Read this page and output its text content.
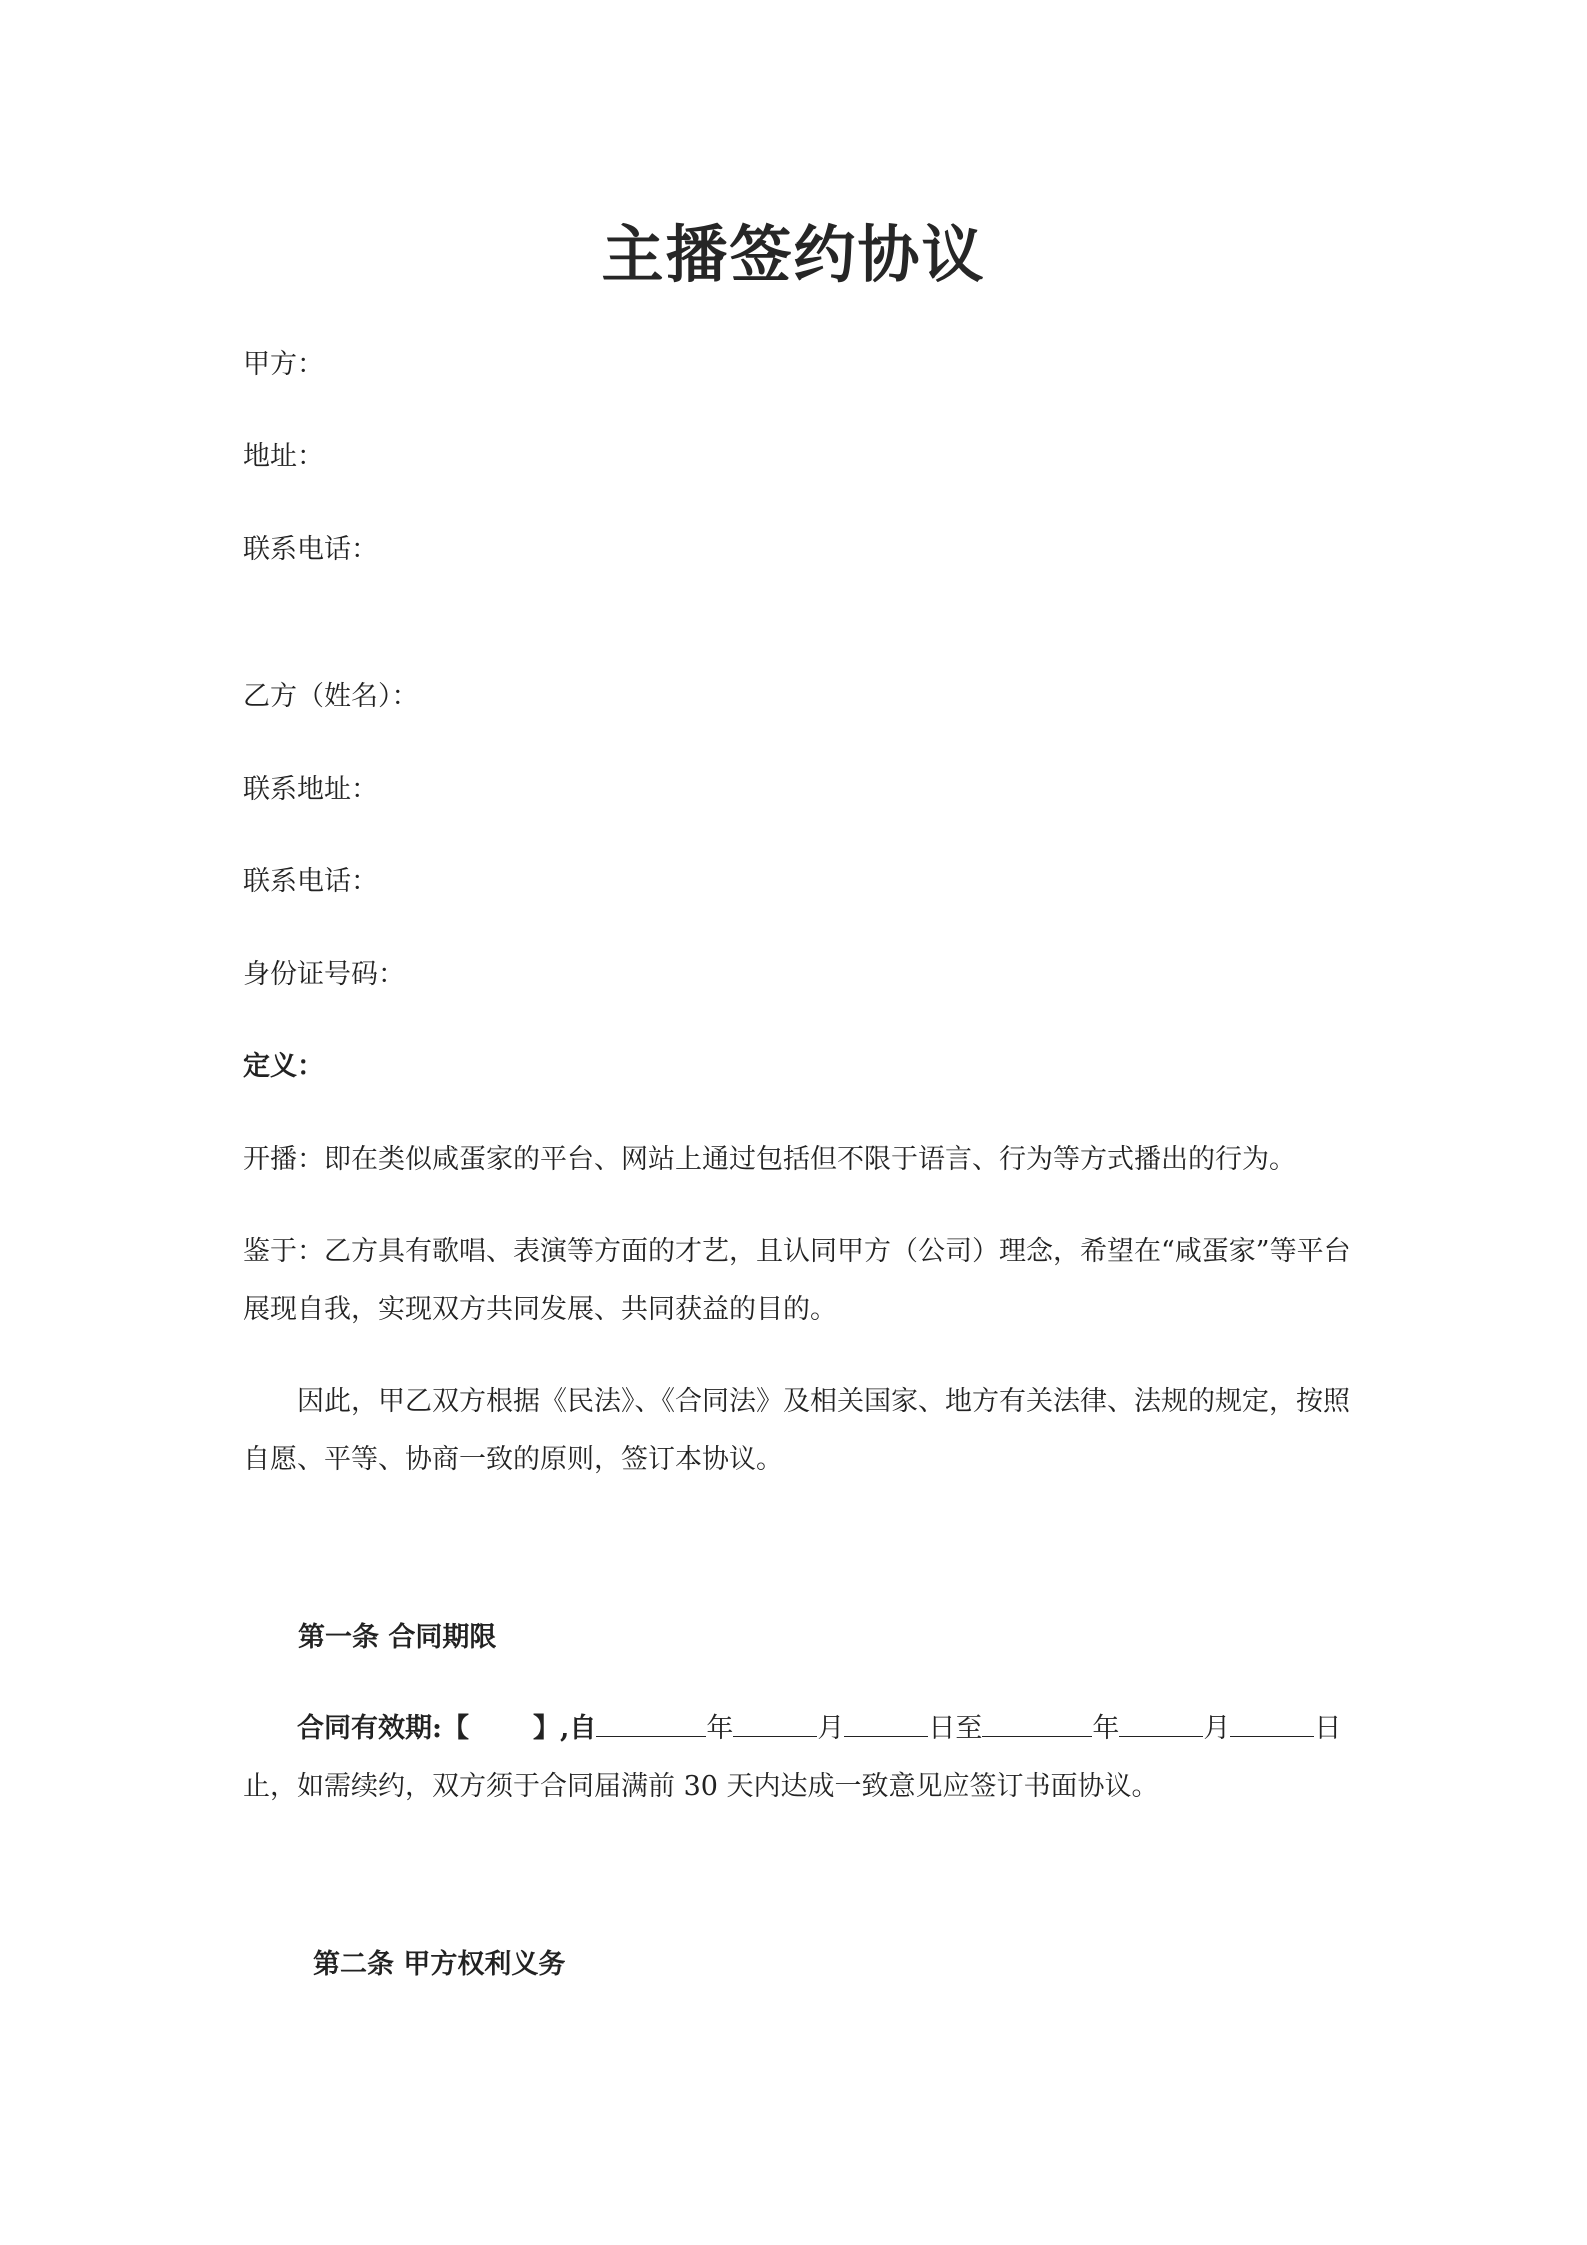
主播签约协议
甲方：
地址：
联系电话：
乙方（姓名）：
联系地址：
联系电话：
身份证号码：
定义：
开播：即在类似咸蛋家的平台、网站上通过包括但不限于语言、行为等方式播出的行为。
鉴于：乙方具有歌唱、表演等方面的才艺，且认同甲方（公司）理念，希望在“咸蛋家”等平台展现自我，实现双方共同发展、共同获益的目的。
因此，甲乙双方根据《民法》、《合同法》及相关国家、地方有关法律、法规的规定，按照自愿、平等、协商一致的原则，签订本协议。
第一条 合同期限
合同有效期:【 】,自	年	月	日至	年	月	日
止，如需续约，双方须于合同届满前 30 天内达成一致意见应签订书面协议。
第二条 甲方权利义务
